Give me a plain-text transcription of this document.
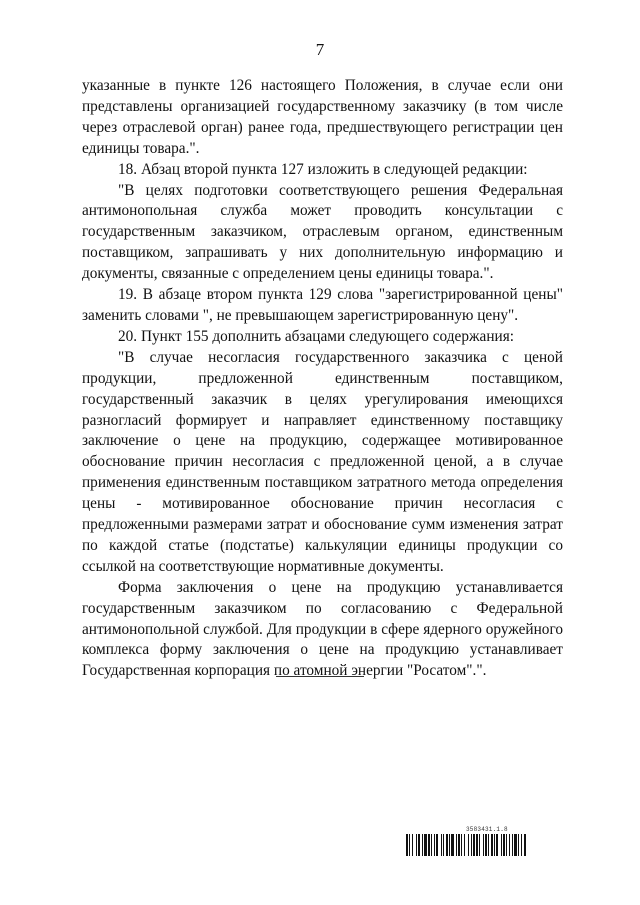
7

указанные в пункте 126 настоящего Положения, в случае если они представлены организацией государственному заказчику (в том числе через отраслевой орган) ранее года, предшествующего регистрации цен единицы товара.".

18. Абзац второй пункта 127 изложить в следующей редакции:

"В целях подготовки соответствующего решения Федеральная антимонопольная служба может проводить консультации с государственным заказчиком, отраслевым органом, единственным поставщиком, запрашивать у них дополнительную информацию и документы, связанные с определением цены единицы товара.".

19. В абзаце втором пункта 129 слова "зарегистрированной цены" заменить словами ", не превышающем зарегистрированную цену".

20. Пункт 155 дополнить абзацами следующего содержания:

"В случае несогласия государственного заказчика с ценой продукции, предложенной единственным поставщиком, государственный заказчик в целях урегулирования имеющихся разногласий формирует и направляет единственному поставщику заключение о цене на продукцию, содержащее мотивированное обоснование причин несогласия с предложенной ценой, а в случае применения единственным поставщиком затратного метода определения цены - мотивированное обоснование причин несогласия с предложенными размерами затрат и обоснование сумм изменения затрат по каждой статье (подстатье) калькуляции единицы продукции со ссылкой на соответствующие нормативные документы.

Форма заключения о цене на продукцию устанавливается государственным заказчиком по согласованию с Федеральной антимонопольной службой. Для продукции в сфере ядерного оружейного комплекса форму заключения о цене на продукцию устанавливает Государственная корпорация по атомной энергии "Росатом".".

3583431.1.8
